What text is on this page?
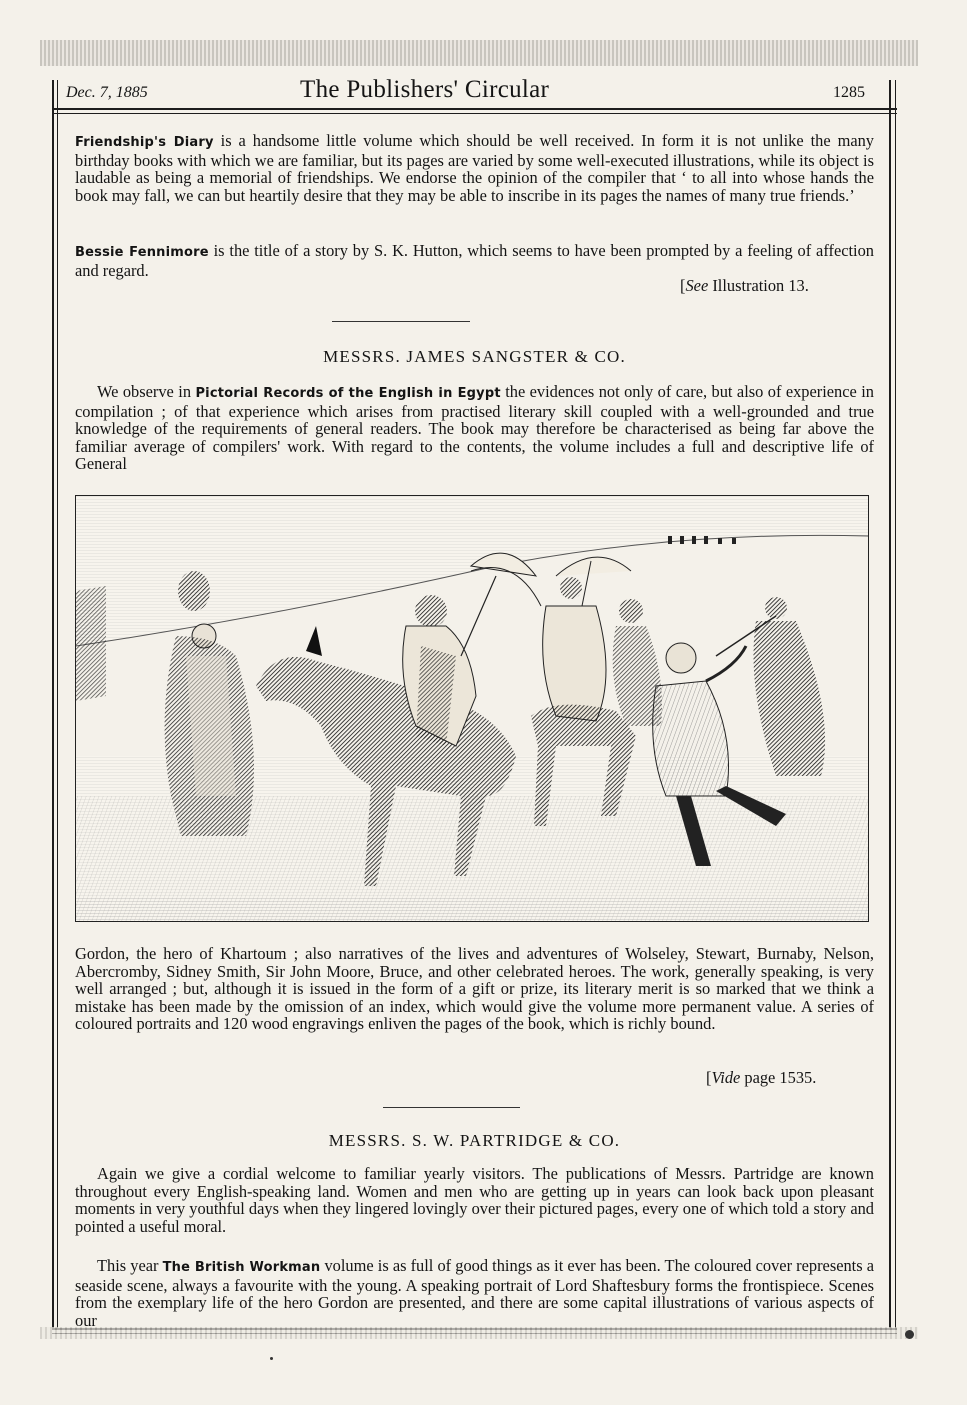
Dec. 7, 1885	The Publishers' Circular	1285
Friendship's Diary is a handsome little volume which should be well received. In form it is not unlike the many birthday books with which we are familiar, but its pages are varied by some well-executed illustrations, while its object is laudable as being a memorial of friendships. We endorse the opinion of the compiler that ‘ to all into whose hands the book may fall, we can but heartily desire that they may be able to inscribe in its pages the names of many true friends.’
Bessie Fennimore is the title of a story by S. K. Hutton, which seems to have been prompted by a feeling of affection and regard.
[See Illustration 13.
MESSRS. JAMES SANGSTER & CO.
We observe in Pictorial Records of the English in Egypt the evidences not only of care, but also of experience in compilation ; of that experience which arises from practised literary skill coupled with a well-grounded and true knowledge of the requirements of general readers. The book may therefore be characterised as being far above the familiar average of compilers' work. With regard to the contents, the volume includes a full and descriptive life of General
Gordon, the hero of Khartoum ; also narratives of the lives and adventures of Wolseley, Stewart, Burnaby, Nelson, Abercromby, Sidney Smith, Sir John Moore, Bruce, and other celebrated heroes. The work, generally speaking, is very well arranged ; but, although it is issued in the form of a gift or prize, its literary merit is so marked that we think a mistake has been made by the omission of an index, which would give the volume more permanent value. A series of coloured portraits and 120 wood engravings enliven the pages of the book, which is richly bound.
[Vide page 1535.
MESSRS. S. W. PARTRIDGE & CO.
Again we give a cordial welcome to familiar yearly visitors. The publications of Messrs. Partridge are known throughout every English-speaking land. Women and men who are getting up in years can look back upon pleasant moments in very youthful days when they lingered lovingly over their pictured pages, every one of which told a story and pointed a useful moral.
This year The British Workman volume is as full of good things as it ever has been. The coloured cover represents a seaside scene, always a favourite with the young. A speaking portrait of Lord Shaftesbury forms the frontispiece. Scenes from the exemplary life of the hero Gordon are presented, and there are some capital illustrations of various aspects of our
